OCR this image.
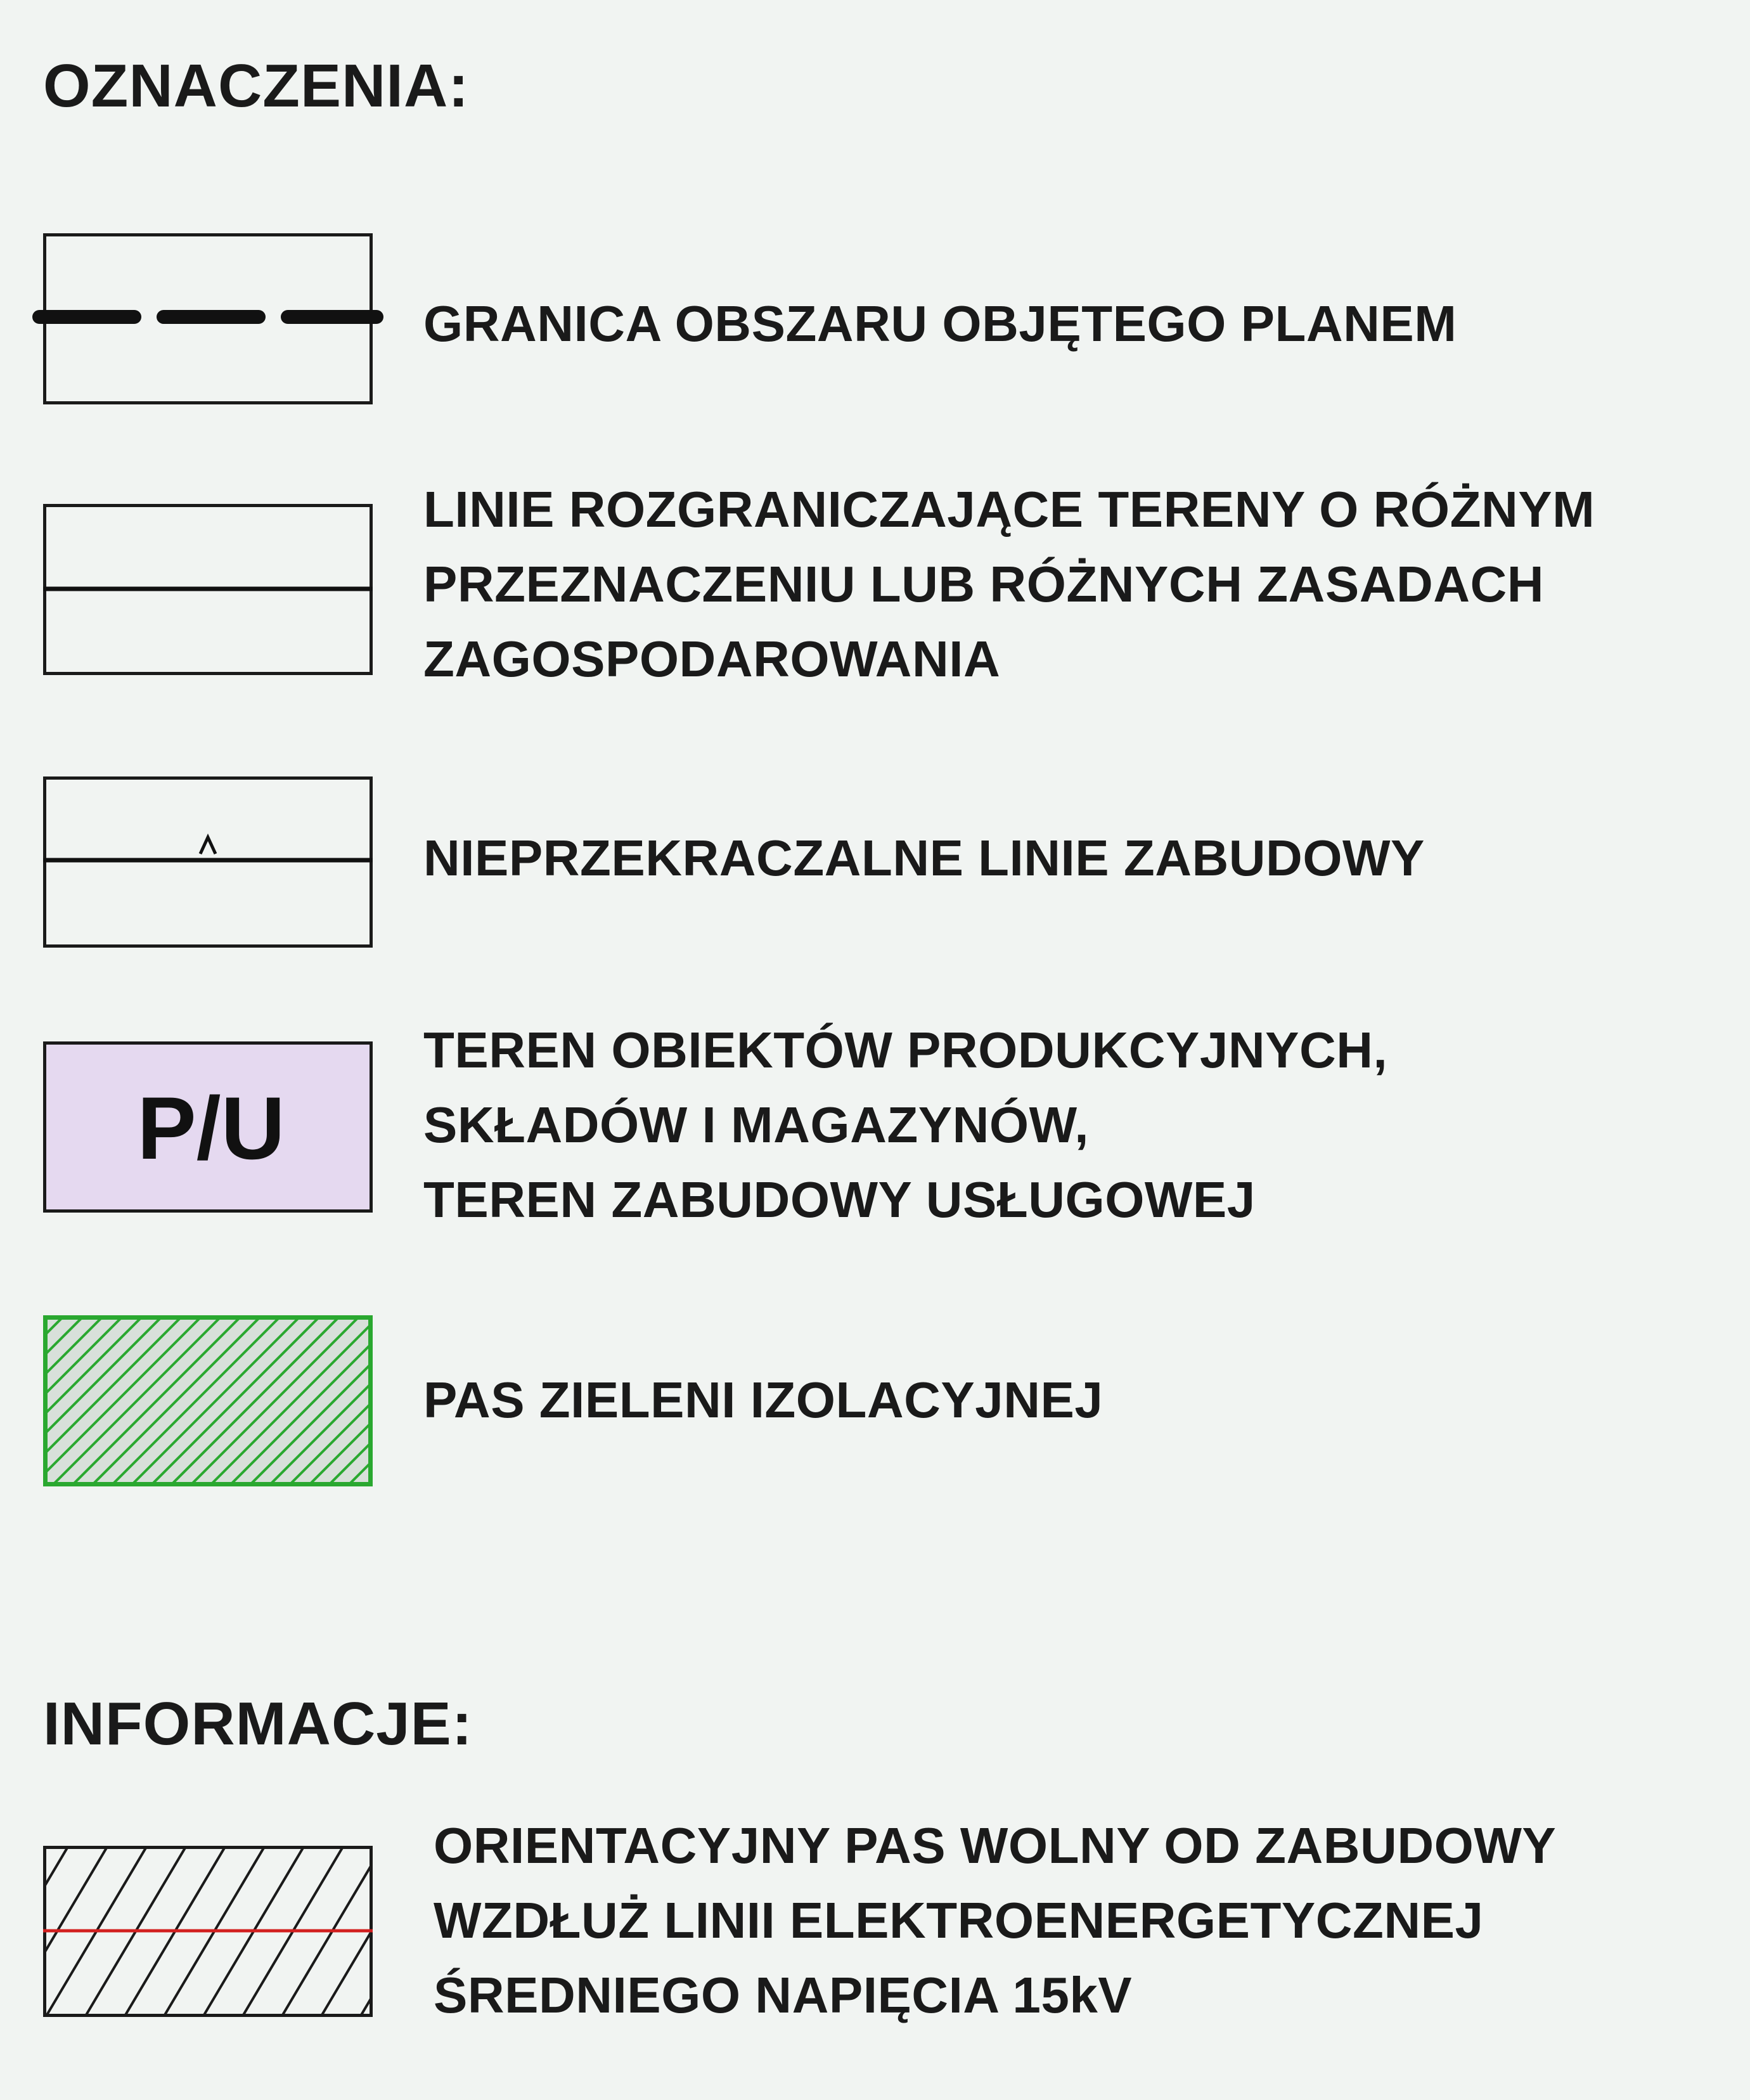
OZNACZENIA:

GRANICA OBSZARU OBJĘTEGO PLANEM

LINIE ROZGRANICZAJĄCE TERENY O RÓŻNYM
PRZEZNACZENIU LUB RÓŻNYCH ZASADACH
ZAGOSPODAROWANIA

NIEPRZEKRACZALNE LINIE ZABUDOWY

P/U

TEREN OBIEKTÓW PRODUKCYJNYCH,
SKŁADÓW I MAGAZYNÓW,
TEREN ZABUDOWY USŁUGOWEJ

PAS ZIELENI IZOLACYJNEJ

INFORMACJE:

ORIENTACYJNY PAS WOLNY OD ZABUDOWY
WZDŁUŻ LINII ELEKTROENERGETYCZNEJ
ŚREDNIEGO NAPIĘCIA 15kV
